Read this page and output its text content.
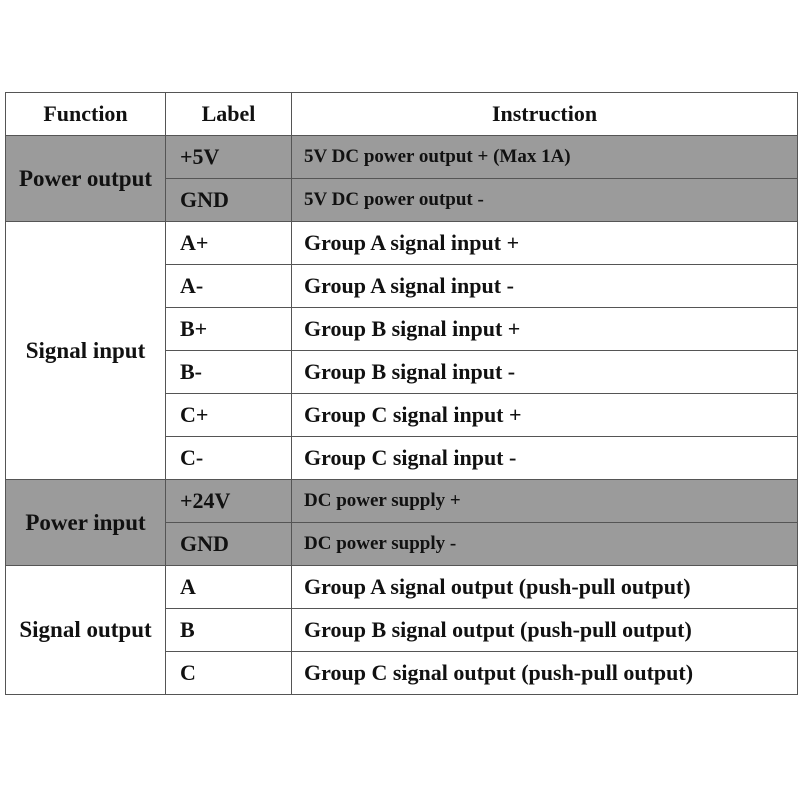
Function	Label	Instruction
Power output	+5V	5V DC power output + (Max 1A)
	GND	5V DC power output -
Signal input	A+	Group A signal input +
	A-	Group A signal input -
	B+	Group B signal input +
	B-	Group B signal input -
	C+	Group C signal input +
	C-	Group C signal input -
Power input	+24V	DC power supply +
	GND	DC power supply -
Signal output	A	Group A signal output (push-pull output)
	B	Group B signal output (push-pull output)
	C	Group C signal output (push-pull output)
